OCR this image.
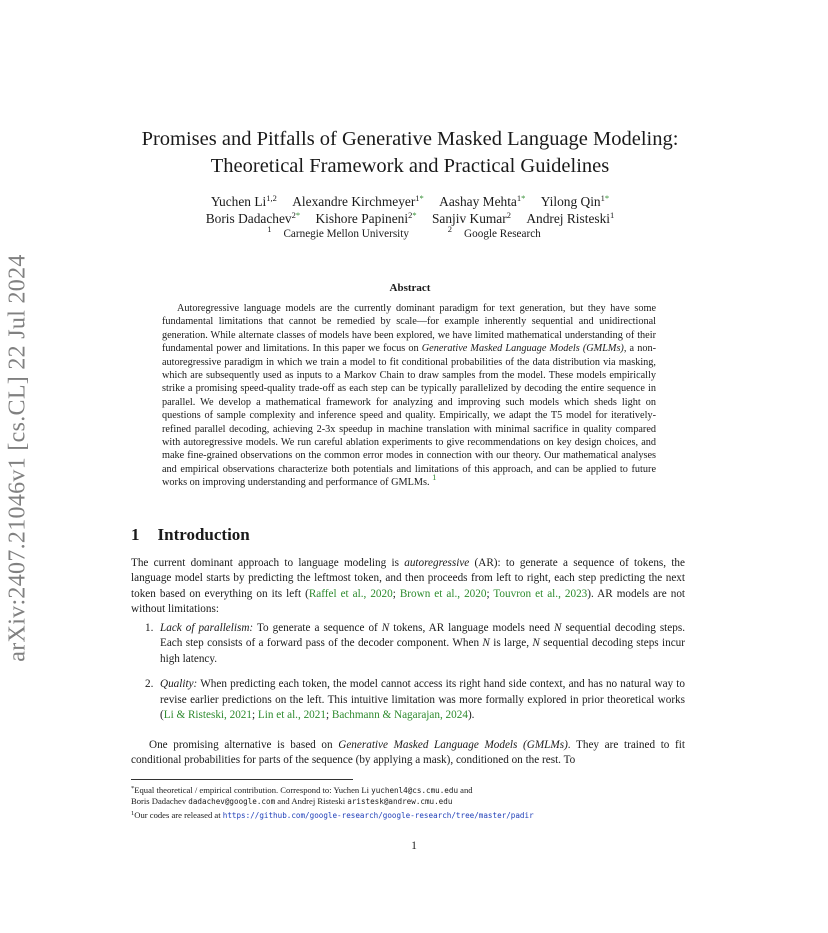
arXiv:2407.21046v1 [cs.CL] 22 Jul 2024
Promises and Pitfalls of Generative Masked Language Modeling:
Theoretical Framework and Practical Guidelines
Yuchen Li$^{1,2}$ Alexandre Kirchmeyer$^{1*}$ Aashay Mehta$^{1*}$ Yilong Qin$^{1*}$
Boris Dadachev$^{2*}$ Kishore Papineni$^{2*}$ Sanjiv Kumar$^2$ Andrej Risteski$^1$
$^1$ Carnegie Mellon University	$^2$ Google Research
Abstract
Autoregressive language models are the currently dominant paradigm for text generation, but they have some fundamental limitations that cannot be remedied by scale—for example inherently sequential and unidirectional generation. While alternate classes of models have been explored, we have limited mathematical understanding of their fundamental power and limitations. In this paper we focus on Generative Masked Language Models (GMLMs), a non-autoregressive paradigm in which we train a model to fit conditional probabilities of the data distribution via masking, which are subsequently used as inputs to a Markov Chain to draw samples from the model. These models empirically strike a promising speed-quality trade-off as each step can be typically parallelized by decoding the entire sequence in parallel. We develop a mathematical framework for analyzing and improving such models which sheds light on questions of sample complexity and inference speed and quality. Empirically, we adapt the T5 model for iteratively-refined parallel decoding, achieving 2-3x speedup in machine translation with minimal sacrifice in quality compared with autoregressive models. We run careful ablation experiments to give recommendations on key design choices, and make fine-grained observations on the common error modes in connection with our theory. Our mathematical analyses and empirical observations characterize both potentials and limitations of this approach, and can be applied to future works on improving understanding and performance of GMLMs. $^1$
1 Introduction
The current dominant approach to language modeling is autoregressive (AR): to generate a sequence of tokens, the language model starts by predicting the leftmost token, and then proceeds from left to right, each step predicting the next token based on everything on its left (Raffel et al., 2020; Brown et al., 2020; Touvron et al., 2023). AR models are not without limitations:
1. Lack of parallelism: To generate a sequence of N tokens, AR language models need N sequential decoding steps. Each step consists of a forward pass of the decoder component. When N is large, N sequential decoding steps incur high latency.
2. Quality: When predicting each token, the model cannot access its right hand side context, and has no natural way to revise earlier predictions on the left. This intuitive limitation was more formally explored in prior theoretical works (Li & Risteski, 2021; Lin et al., 2021; Bachmann & Nagarajan, 2024).
One promising alternative is based on Generative Masked Language Models (GMLMs). They are trained to fit conditional probabilities for parts of the sequence (by applying a mask), conditioned on the rest. To
*Equal theoretical / empirical contribution. Correspond to: Yuchen Li yuchenl4@cs.cmu.edu and
Boris Dadachev dadachev@google.com and Andrej Risteski aristesk@andrew.cmu.edu
$^1$Our codes are released at https://github.com/google-research/google-research/tree/master/padir
1
